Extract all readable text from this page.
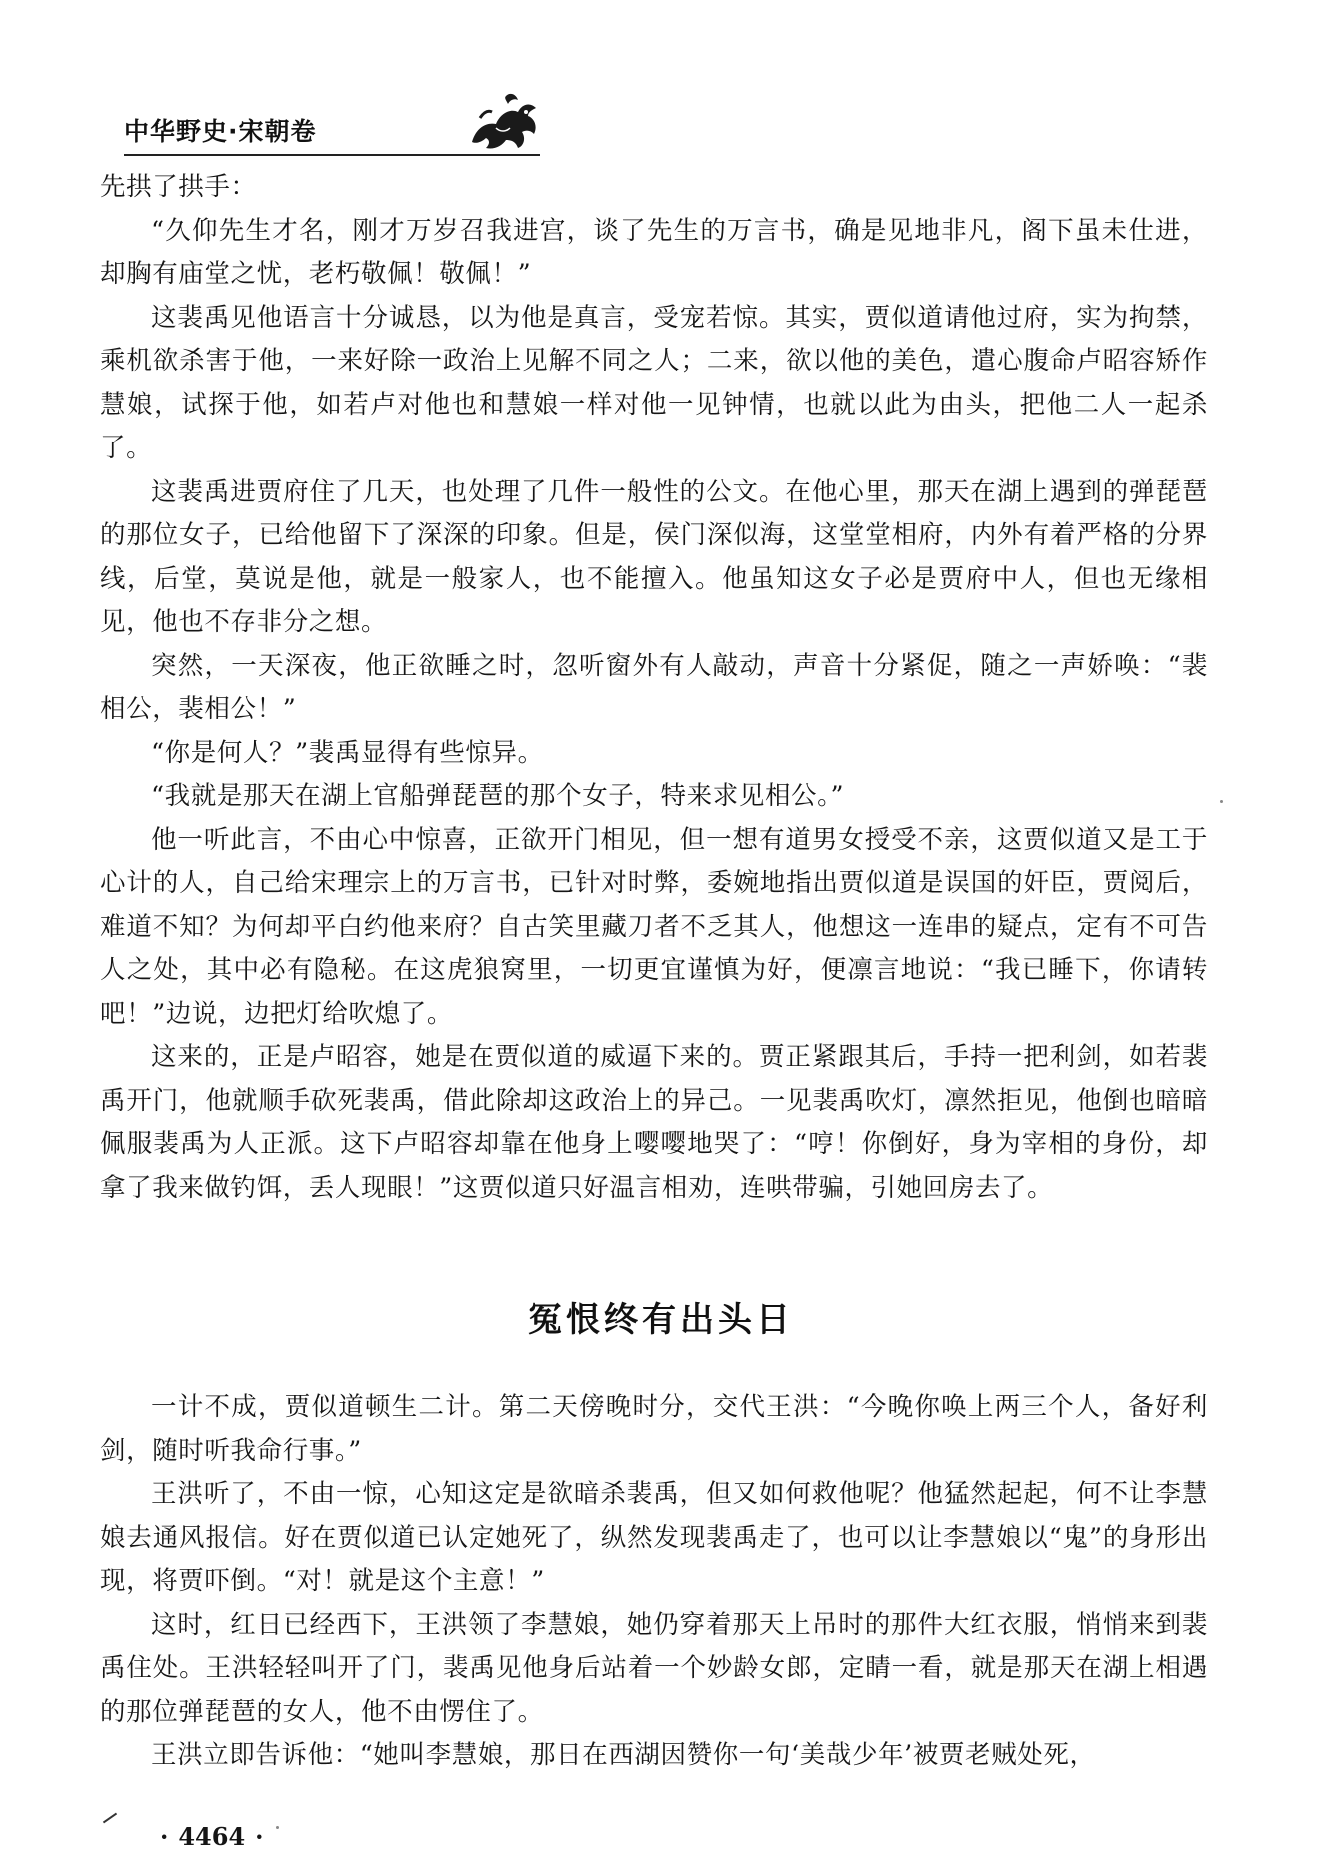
中华野史·宋朝卷

先拱了拱手：

“久仰先生才名，刚才万岁召我进宫，谈了先生的万言书，确是见地非凡，阁下虽未仕进，却胸有庙堂之忧，老朽敬佩！敬佩！”

这裴禹见他语言十分诚恳，以为他是真言，受宠若惊。其实，贾似道请他过府，实为拘禁，乘机欲杀害于他，一来好除一政治上见解不同之人；二来，欲以他的美色，遣心腹命卢昭容矫作慧娘，试探于他，如若卢对他也和慧娘一样对他一见钟情，也就以此为由头，把他二人一起杀了。

这裴禹进贾府住了几天，也处理了几件一般性的公文。在他心里，那天在湖上遇到的弹琵琶的那位女子，已给他留下了深深的印象。但是，侯门深似海，这堂堂相府，内外有着严格的分界线，后堂，莫说是他，就是一般家人，也不能擅入。他虽知这女子必是贾府中人，但也无缘相见，他也不存非分之想。

突然，一天深夜，他正欲睡之时，忽听窗外有人敲动，声音十分紧促，随之一声娇唤：“裴相公，裴相公！”

“你是何人？”裴禹显得有些惊异。

“我就是那天在湖上官船弹琵琶的那个女子，特来求见相公。”

他一听此言，不由心中惊喜，正欲开门相见，但一想有道男女授受不亲，这贾似道又是工于心计的人，自己给宋理宗上的万言书，已针对时弊，委婉地指出贾似道是误国的奸臣，贾阅后，难道不知？为何却平白约他来府？自古笑里藏刀者不乏其人，他想这一连串的疑点，定有不可告人之处，其中必有隐秘。在这虎狼窝里，一切更宜谨慎为好，便凛言地说：“我已睡下，你请转吧！”边说，边把灯给吹熄了。

这来的，正是卢昭容，她是在贾似道的威逼下来的。贾正紧跟其后，手持一把利剑，如若裴禹开门，他就顺手砍死裴禹，借此除却这政治上的异己。一见裴禹吹灯，凛然拒见，他倒也暗暗佩服裴禹为人正派。这下卢昭容却靠在他身上嘤嘤地哭了：“哼！你倒好，身为宰相的身份，却拿了我来做钓饵，丢人现眼！”这贾似道只好温言相劝，连哄带骗，引她回房去了。

冤恨终有出头日

一计不成，贾似道顿生二计。第二天傍晚时分，交代王洪：“今晚你唤上两三个人，备好利剑，随时听我命行事。”

王洪听了，不由一惊，心知这定是欲暗杀裴禹，但又如何救他呢？他猛然起起，何不让李慧娘去通风报信。好在贾似道已认定她死了，纵然发现裴禹走了，也可以让李慧娘以“鬼”的身形出现，将贾吓倒。“对！就是这个主意！”

这时，红日已经西下，王洪领了李慧娘，她仍穿着那天上吊时的那件大红衣服，悄悄来到裴禹住处。王洪轻轻叫开了门，裴禹见他身后站着一个妙龄女郎，定睛一看，就是那天在湖上相遇的那位弹琵琶的女人，他不由愣住了。

王洪立即告诉他：“她叫李慧娘，那日在西湖因赞你一句‘美哉少年’被贾老贼处死，

· 4464 ·
